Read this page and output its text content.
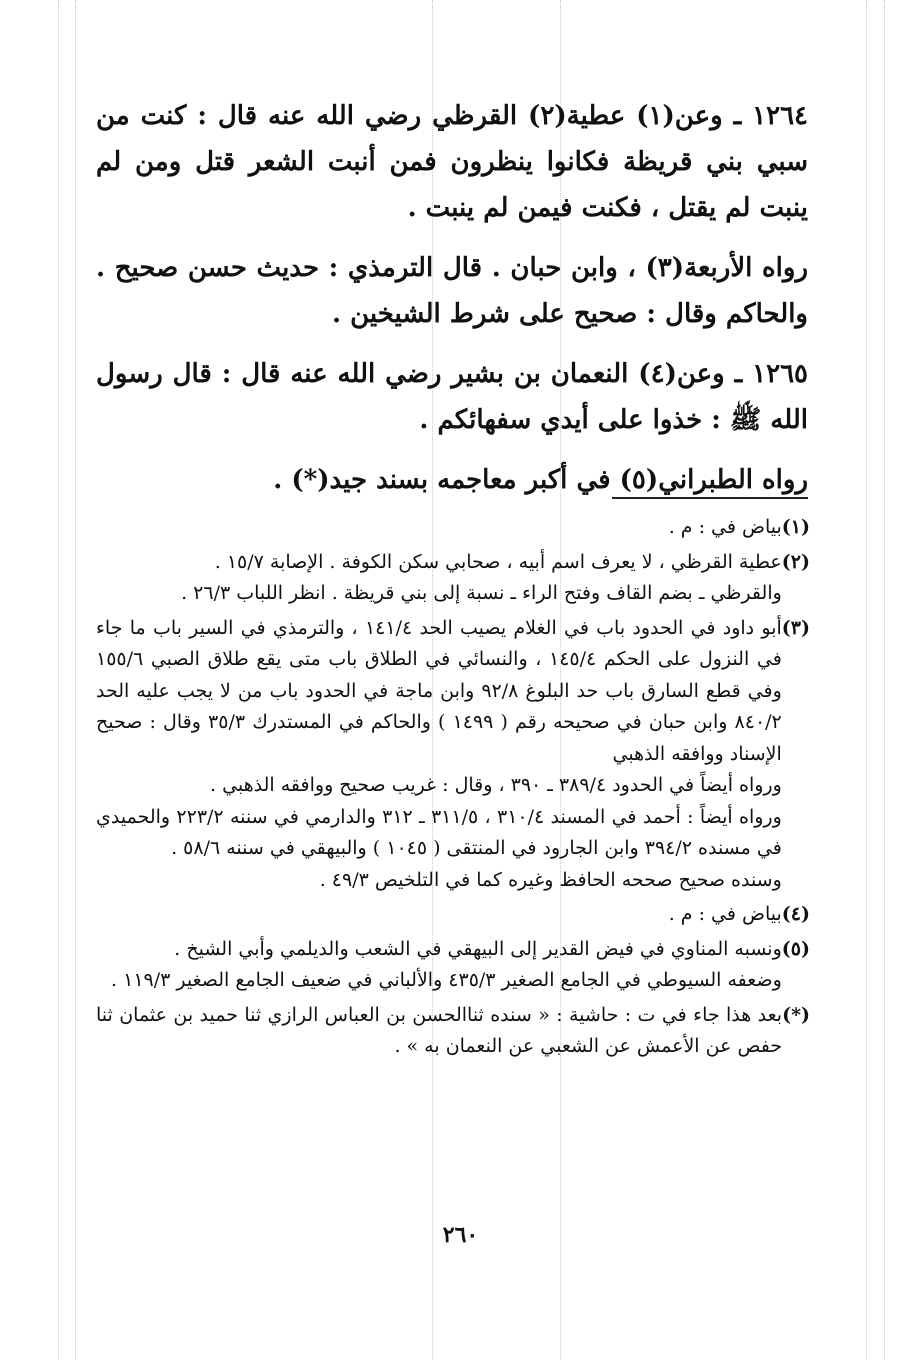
١٢٦٤ ـ وعن(١) عطية(٢) القرظي رضي الله عنه قال : كنت من سبي بني قريظة فكانوا ينظرون فمن أنبت الشعر قتل ومن لم ينبت لم يقتل ، فكنت فيمن لم ينبت .

رواه الأربعة(٣) ، وابن حبان . قال الترمذي : حديث حسن صحيح . والحاكم وقال : صحيح على شرط الشيخين .

١٢٦٥ ـ وعن(٤) النعمان بن بشير رضي الله عنه قال : قال رسول الله ﷺ : خذوا على أيدي سفهائكم .

رواه الطبراني(٥) في أكبر معاجمه بسند جيد(*) .

(١)
بياض في : م .
(٢)
عطية القرظي ، لا يعرف اسم أبيه ، صحابي سكن الكوفة . الإصابة ١٥/٧ .
والقرظي ـ بضم القاف وفتح الراء ـ نسبة إلى بني قريظة . انظر اللباب ٢٦/٣ .
(٣)
أبو داود في الحدود باب في الغلام يصيب الحد ١٤١/٤ ، والترمذي في السير باب ما جاء في النزول على الحكم ١٤٥/٤ ، والنسائي في الطلاق باب متى يقع طلاق الصبي ١٥٥/٦ وفي قطع السارق باب حد البلوغ ٩٢/٨ وابن ماجة في الحدود باب من لا يجب عليه الحد ٨٤٠/٢ وابن حبان في صحيحه رقم ( ١٤٩٩ ) والحاكم في المستدرك ٣٥/٣ وقال : صحيح الإسناد ووافقه الذهبي
ورواه أيضاً في الحدود ٣٨٩/٤ ـ ٣٩٠ ، وقال : غريب صحيح ووافقه الذهبي .
ورواه أيضاً : أحمد في المسند ٣١٠/٤ ، ٣١١/٥ ـ ٣١٢ والدارمي في سننه ٢٢٣/٢ والحميدي في مسنده ٣٩٤/٢ وابن الجارود في المنتقى ( ١٠٤٥ ) والبيهقي في سننه ٥٨/٦ .
وسنده صحيح صححه الحافظ وغيره كما في التلخيص ٤٩/٣ .
(٤)
بياض في : م .
(٥)
ونسبه المناوي في فيض القدير إلى البيهقي في الشعب والديلمي وأبي الشيخ .
وضعفه السيوطي في الجامع الصغير ٤٣٥/٣ والألباني في ضعيف الجامع الصغير ١١٩/٣ .
(*)
بعد هذا جاء في ت : حاشية : « سنده ثناالحسن بن العباس الرازي ثنا حميد بن عثمان ثنا حفص عن الأعمش عن الشعبي عن النعمان به » .
٢٦٠
